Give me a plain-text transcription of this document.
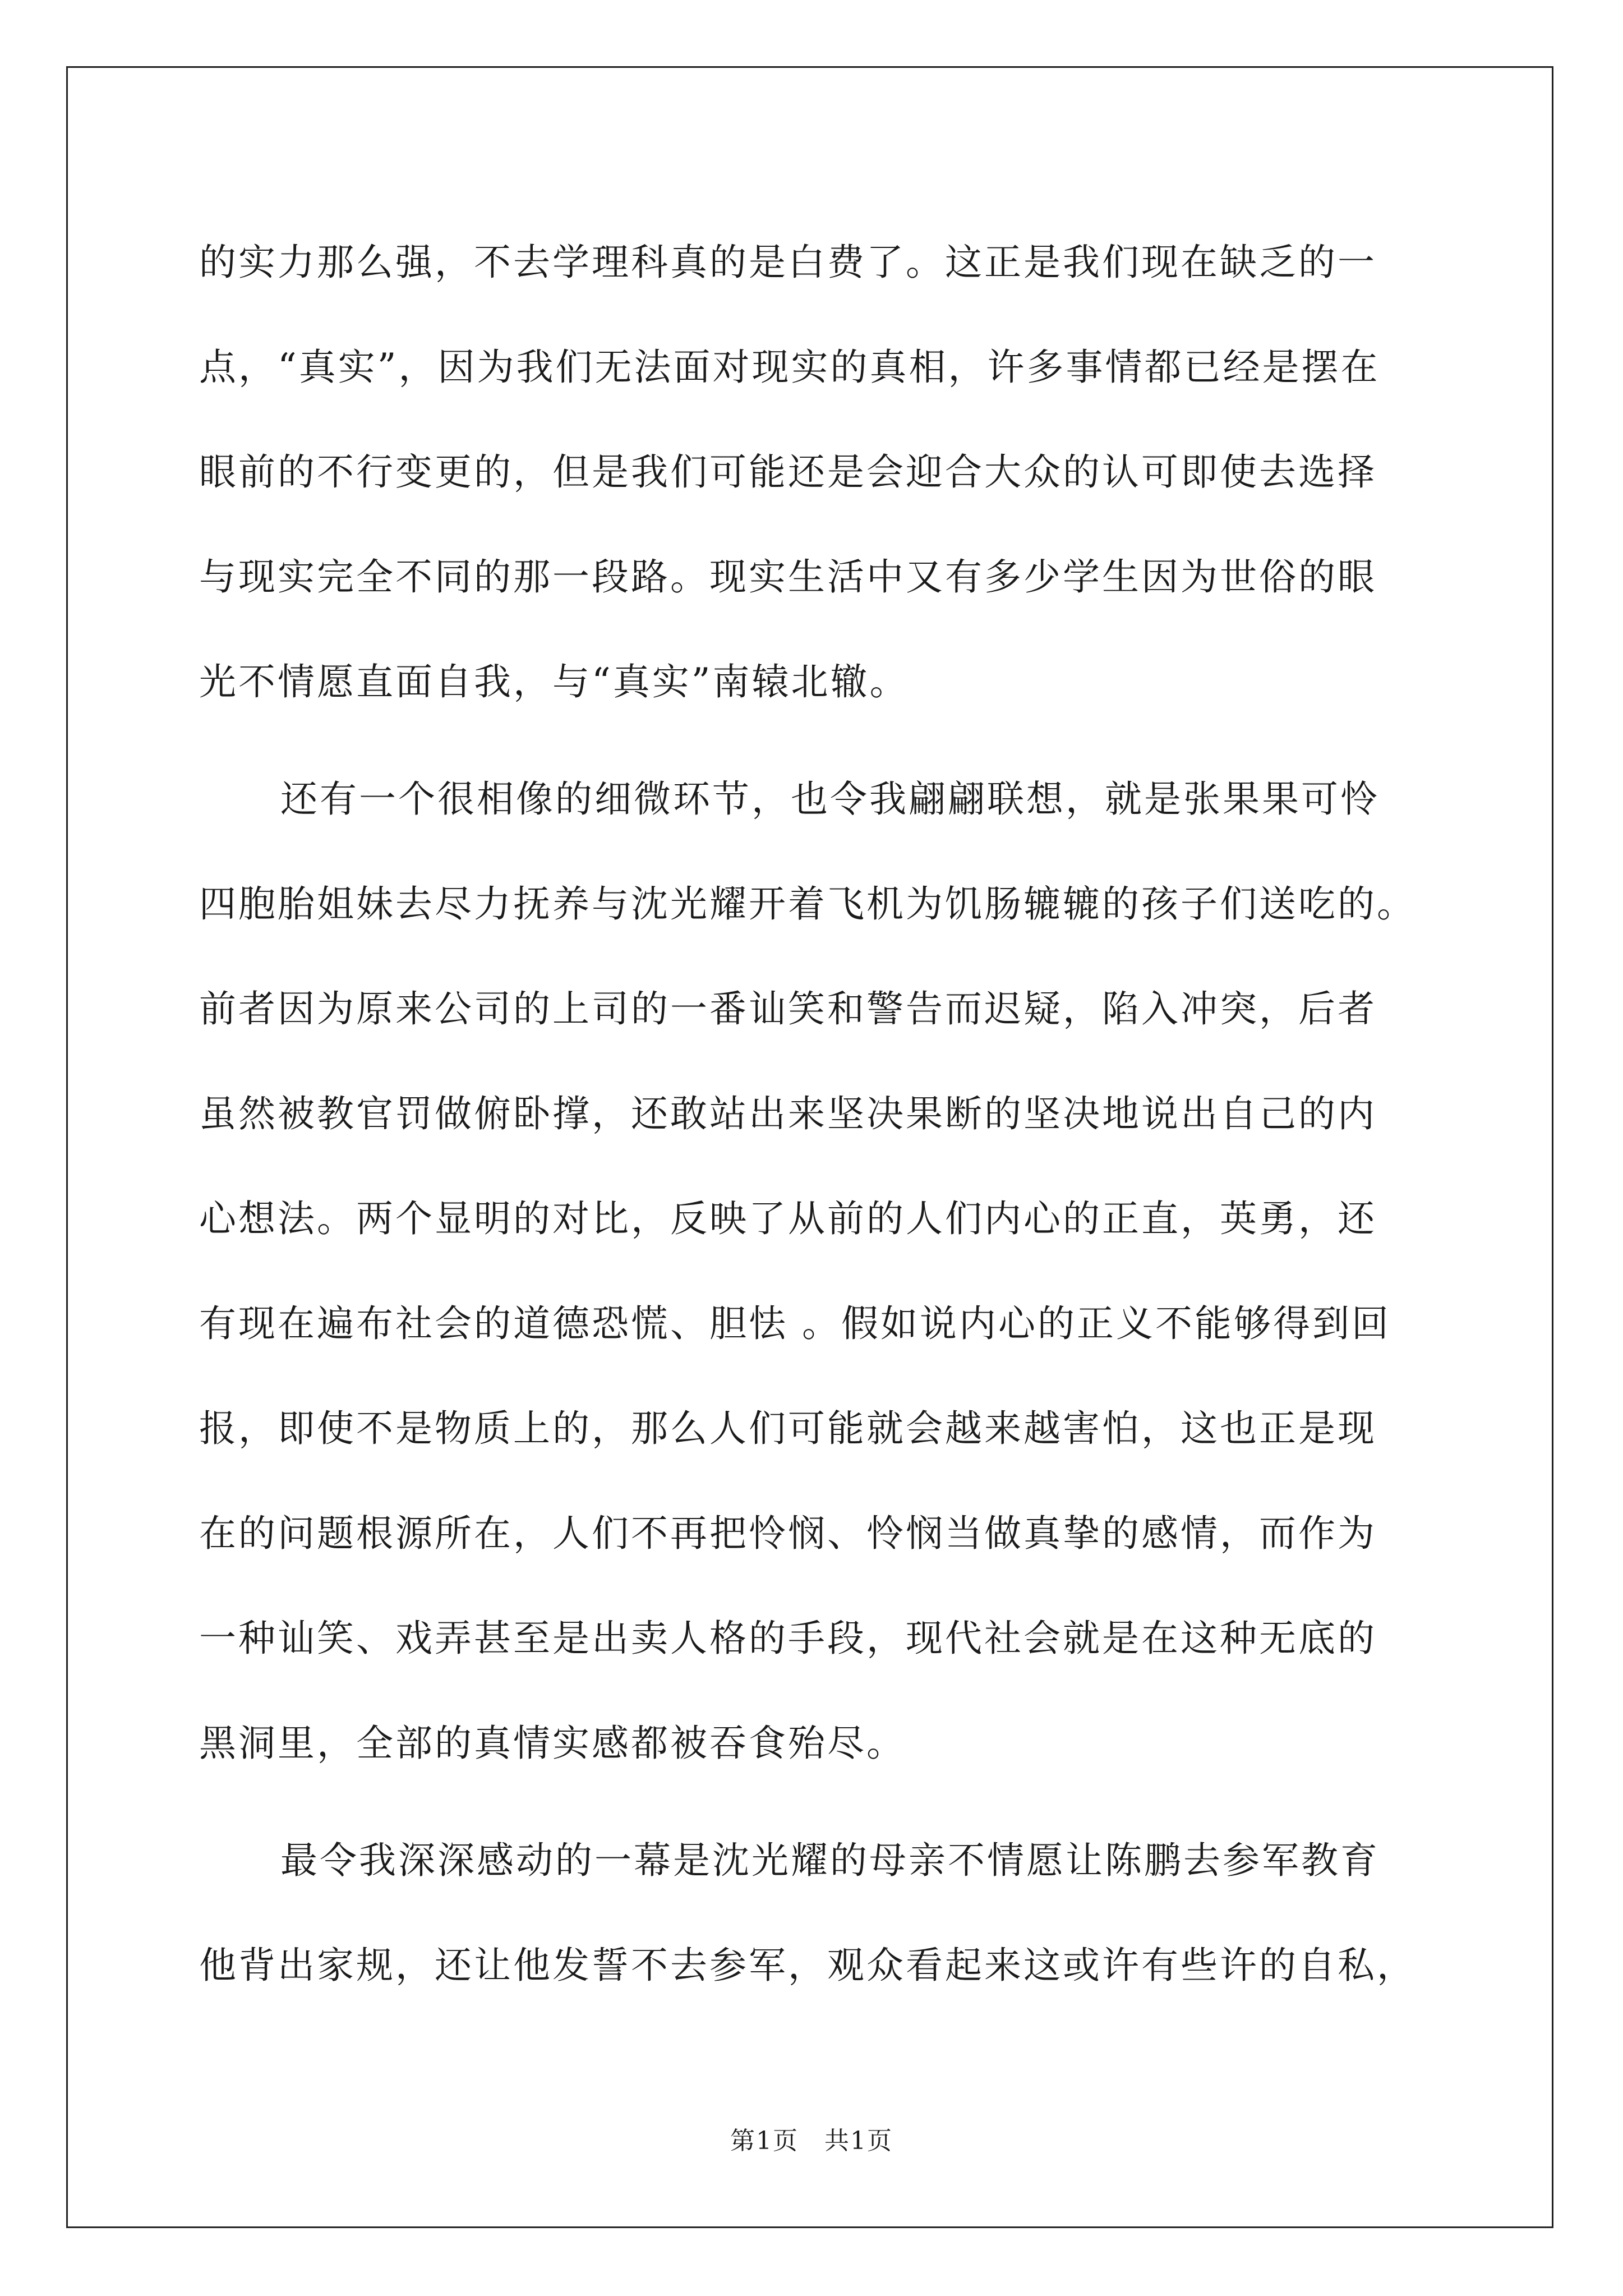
的实力那么强，不去学理科真的是白费了。这正是我们现在缺乏的一
点，“真实”，因为我们无法面对现实的真相，许多事情都已经是摆在
眼前的不行变更的，但是我们可能还是会迎合大众的认可即使去选择
与现实完全不同的那一段路。现实生活中又有多少学生因为世俗的眼
光不情愿直面自我，与“真实”南辕北辙。
还有一个很相像的细微环节，也令我翩翩联想，就是张果果可怜
四胞胎姐妹去尽力抚养与沈光耀开着飞机为饥肠辘辘的孩子们送吃的。
前者因为原来公司的上司的一番讪笑和警告而迟疑，陷入冲突，后者
虽然被教官罚做俯卧撑，还敢站出来坚决果断的坚决地说出自己的内
心想法。两个显明的对比，反映了从前的人们内心的正直，英勇，还
有现在遍布社会的道德恐慌、胆怯 。假如说内心的正义不能够得到回
报，即使不是物质上的，那么人们可能就会越来越害怕，这也正是现
在的问题根源所在，人们不再把怜悯、怜悯当做真挚的感情，而作为
一种讪笑、戏弄甚至是出卖人格的手段，现代社会就是在这种无底的
黑洞里，全部的真情实感都被吞食殆尽。
最令我深深感动的一幕是沈光耀的母亲不情愿让陈鹏去参军教育
他背出家规，还让他发誓不去参军，观众看起来这或许有些许的自私，
第1页　共1页
